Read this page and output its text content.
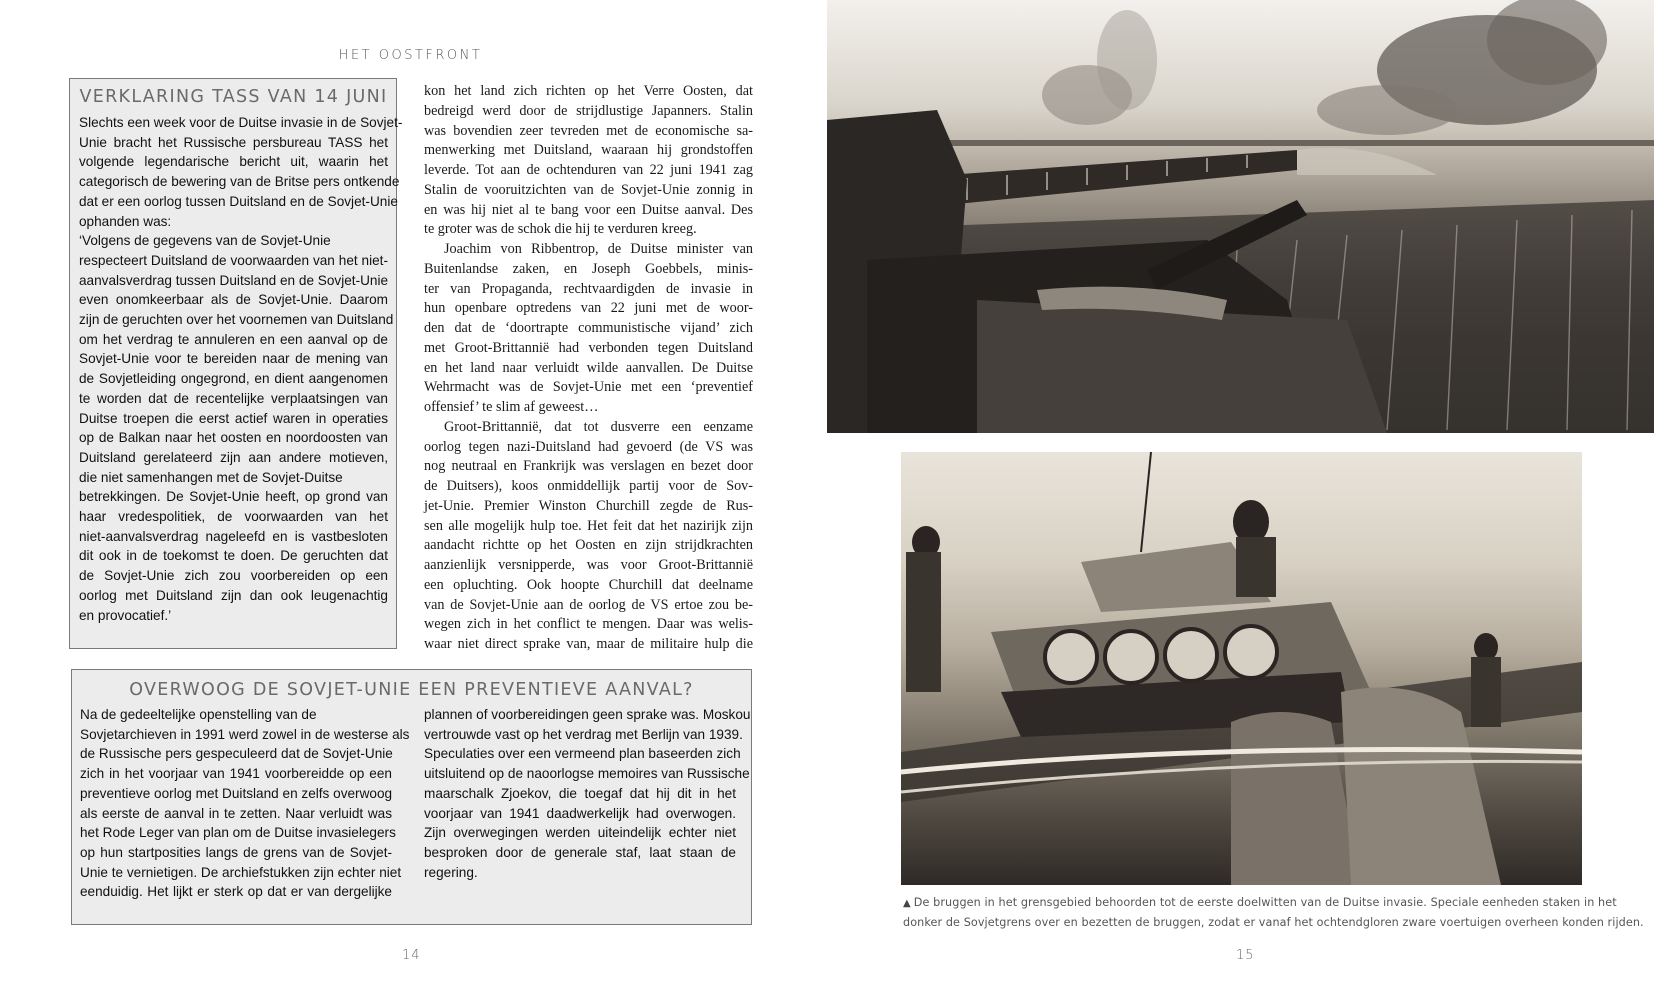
HET OOSTFRONT
VERKLARING TASS VAN 14 JUNI
Slechts een week voor de Duitse invasie in de Sovjet-
Unie bracht het Russische persbureau TASS het
volgende legendarische bericht uit, waarin het
categorisch de bewering van de Britse pers ontkende
dat er een oorlog tussen Duitsland en de Sovjet-Unie
ophanden was:
‘Volgens de gegevens van de Sovjet-Unie
respecteert Duitsland de voorwaarden van het niet-
aanvalsverdrag tussen Duitsland en de Sovjet-Unie
even onomkeerbaar als de Sovjet-Unie. Daarom
zijn de geruchten over het voornemen van Duitsland
om het verdrag te annuleren en een aanval op de
Sovjet-Unie voor te bereiden naar de mening van
de Sovjetleiding ongegrond, en dient aangenomen
te worden dat de recentelijke verplaatsingen van
Duitse troepen die eerst actief waren in operaties
op de Balkan naar het oosten en noordoosten van
Duitsland gerelateerd zijn aan andere motieven,
die niet samenhangen met de Sovjet-Duitse
betrekkingen. De Sovjet-Unie heeft, op grond van
haar vredespolitiek, de voorwaarden van het
niet-aanvalsverdrag nageleefd en is vastbesloten
dit ook in de toekomst te doen. De geruchten dat
de Sovjet-Unie zich zou voorbereiden op een
oorlog met Duitsland zijn dan ook leugenachtig
en provocatief.’
kon het land zich richten op het Verre Oosten, dat
bedreigd werd door de strijdlustige Japanners. Stalin
was bovendien zeer tevreden met de economische sa-
menwerking met Duitsland, waaraan hij grondstoffen
leverde. Tot aan de ochtenduren van 22 juni 1941 zag
Stalin de vooruitzichten van de Sovjet-Unie zonnig in
en was hij niet al te bang voor een Duitse aanval. Des
te groter was de schok die hij te verduren kreeg.
Joachim von Ribbentrop, de Duitse minister van
Buitenlandse zaken, en Joseph Goebbels, minis-
ter van Propaganda, rechtvaardigden de invasie in
hun openbare optredens van 22 juni met de woor-
den dat de ‘doortrapte communistische vijand’ zich
met Groot-Brittannië had verbonden tegen Duitsland
en het land naar verluidt wilde aanvallen. De Duitse
Wehrmacht was de Sovjet-Unie met een ‘preventief
offensief’ te slim af geweest…
Groot-Brittannië, dat tot dusverre een eenzame
oorlog tegen nazi-Duitsland had gevoerd (de VS was
nog neutraal en Frankrijk was verslagen en bezet door
de Duitsers), koos onmiddellijk partij voor de Sov-
jet-Unie. Premier Winston Churchill zegde de Rus-
sen alle mogelijk hulp toe. Het feit dat het nazirijk zijn
aandacht richtte op het Oosten en zijn strijdkrachten
aanzienlijk versnipperde, was voor Groot-Brittannië
een opluchting. Ook hoopte Churchill dat deelname
van de Sovjet-Unie aan de oorlog de VS ertoe zou be-
wegen zich in het conflict te mengen. Daar was welis-
waar niet direct sprake van, maar de militaire hulp die
OVERWOOG DE SOVJET-UNIE EEN PREVENTIEVE AANVAL?
Na de gedeeltelijke openstelling van de
Sovjetarchieven in 1991 werd zowel in de westerse als
de Russische pers gespeculeerd dat de Sovjet-Unie
zich in het voorjaar van 1941 voorbereidde op een
preventieve oorlog met Duitsland en zelfs overwoog
als eerste de aanval in te zetten. Naar verluidt was
het Rode Leger van plan om de Duitse invasielegers
op hun startposities langs de grens van de Sovjet-
Unie te vernietigen. De archiefstukken zijn echter niet
eenduidig. Het lijkt er sterk op dat er van dergelijke
plannen of voorbereidingen geen sprake was. Moskou
vertrouwde vast op het verdrag met Berlijn van 1939.
Speculaties over een vermeend plan baseerden zich
uitsluitend op de naoorlogse memoires van Russische
maarschalk Zjoekov, die toegaf dat hij dit in het
voorjaar van 1941 daadwerkelijk had overwogen.
Zijn overwegingen werden uiteindelijk echter niet
besproken door de generale staf, laat staan de
regering.
▲ De bruggen in het grensgebied behoorden tot de eerste doelwitten van de Duitse invasie. Speciale eenheden staken in het
donker de Sovjetgrens over en bezetten de bruggen, zodat er vanaf het ochtendgloren zware voertuigen overheen konden rijden.
14	15
